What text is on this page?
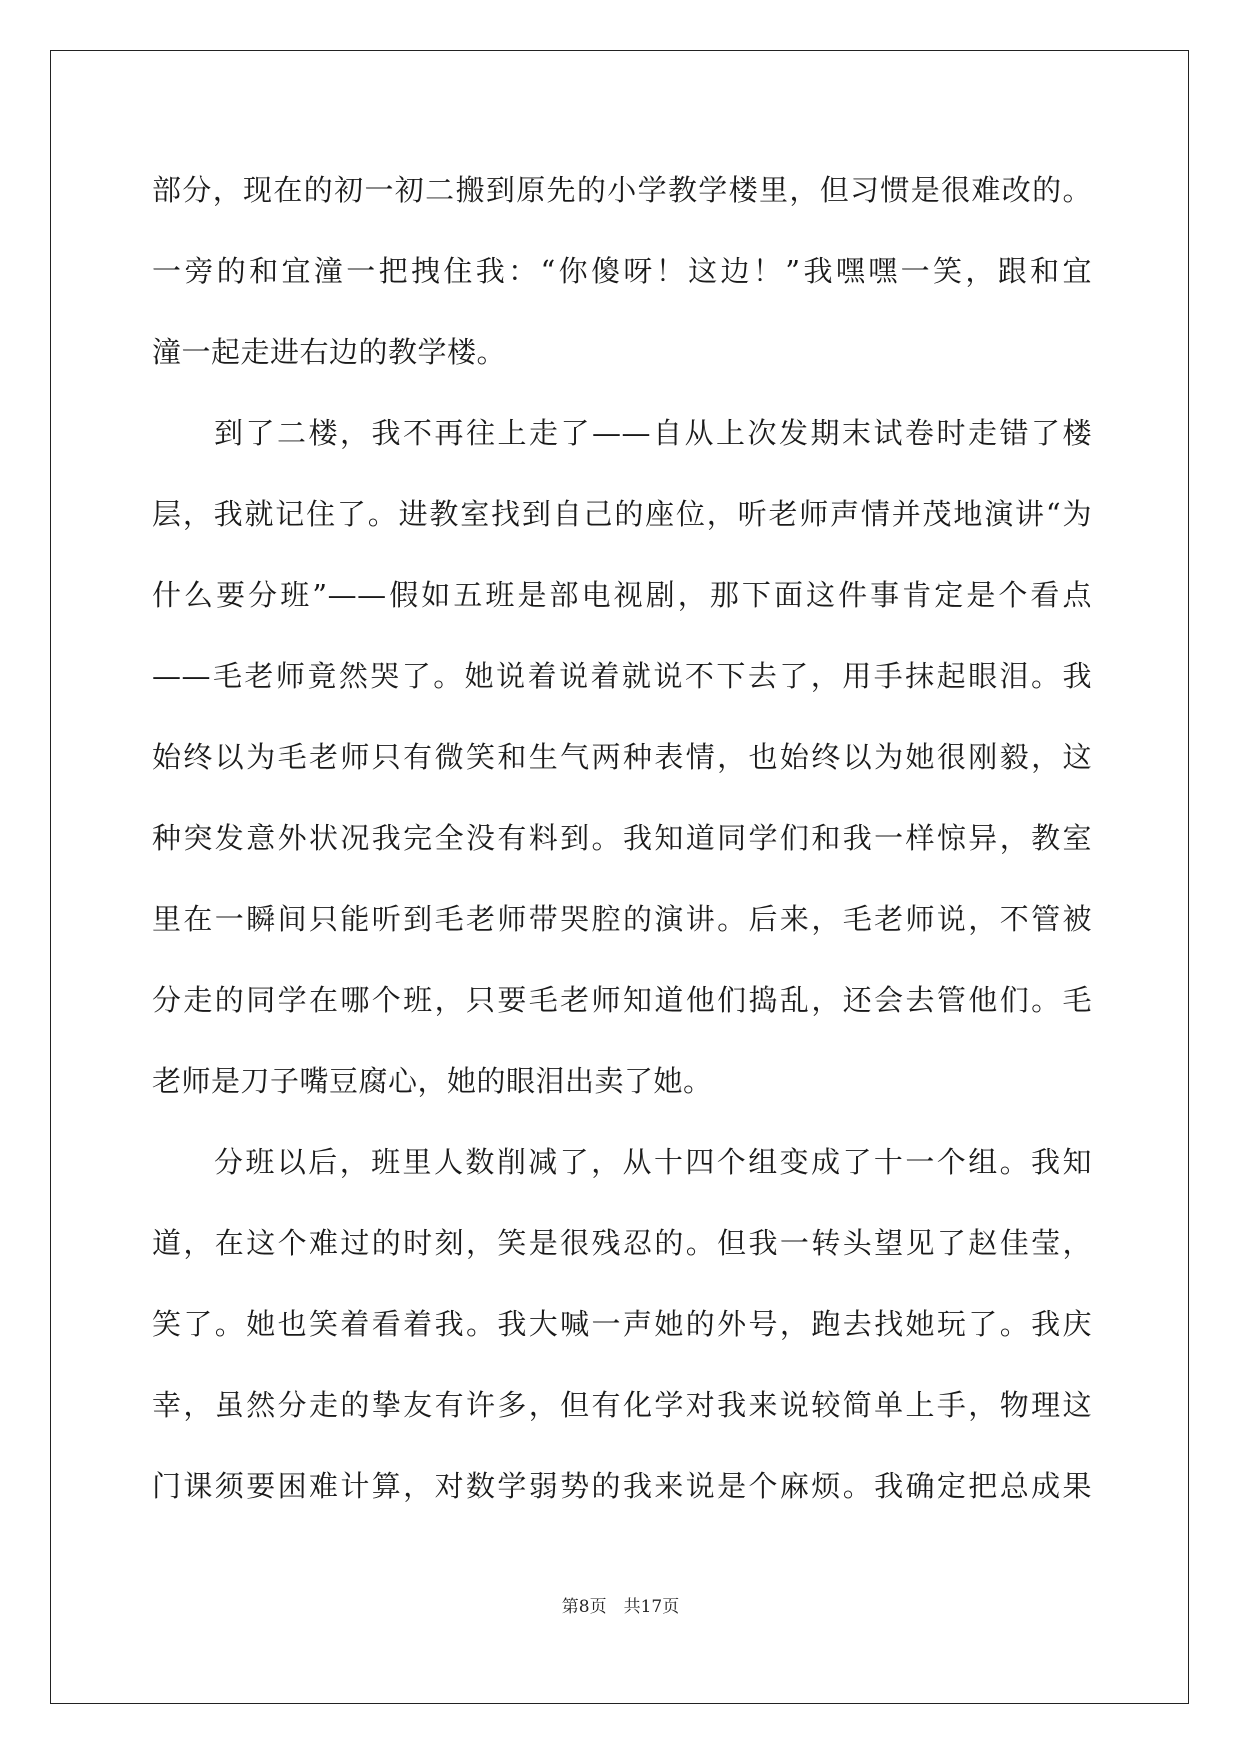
部分，现在的初一初二搬到原先的小学教学楼里，但习惯是很难改的。
一旁的和宜潼一把拽住我：“你傻呀！这边！”我嘿嘿一笑，跟和宜
潼一起走进右边的教学楼。
到了二楼，我不再往上走了——自从上次发期末试卷时走错了楼
层，我就记住了。进教室找到自己的座位，听老师声情并茂地演讲“为
什么要分班”——假如五班是部电视剧，那下面这件事肯定是个看点
——毛老师竟然哭了。她说着说着就说不下去了，用手抹起眼泪。我
始终以为毛老师只有微笑和生气两种表情，也始终以为她很刚毅，这
种突发意外状况我完全没有料到。我知道同学们和我一样惊异，教室
里在一瞬间只能听到毛老师带哭腔的演讲。后来，毛老师说，不管被
分走的同学在哪个班，只要毛老师知道他们捣乱，还会去管他们。毛
老师是刀子嘴豆腐心，她的眼泪出卖了她。
分班以后，班里人数削减了，从十四个组变成了十一个组。我知
道，在这个难过的时刻，笑是很残忍的。但我一转头望见了赵佳莹，
笑了。她也笑着看着我。我大喊一声她的外号，跑去找她玩了。我庆
幸，虽然分走的挚友有许多，但有化学对我来说较简单上手，物理这
门课须要困难计算，对数学弱势的我来说是个麻烦。我确定把总成果
第8页　共17页
